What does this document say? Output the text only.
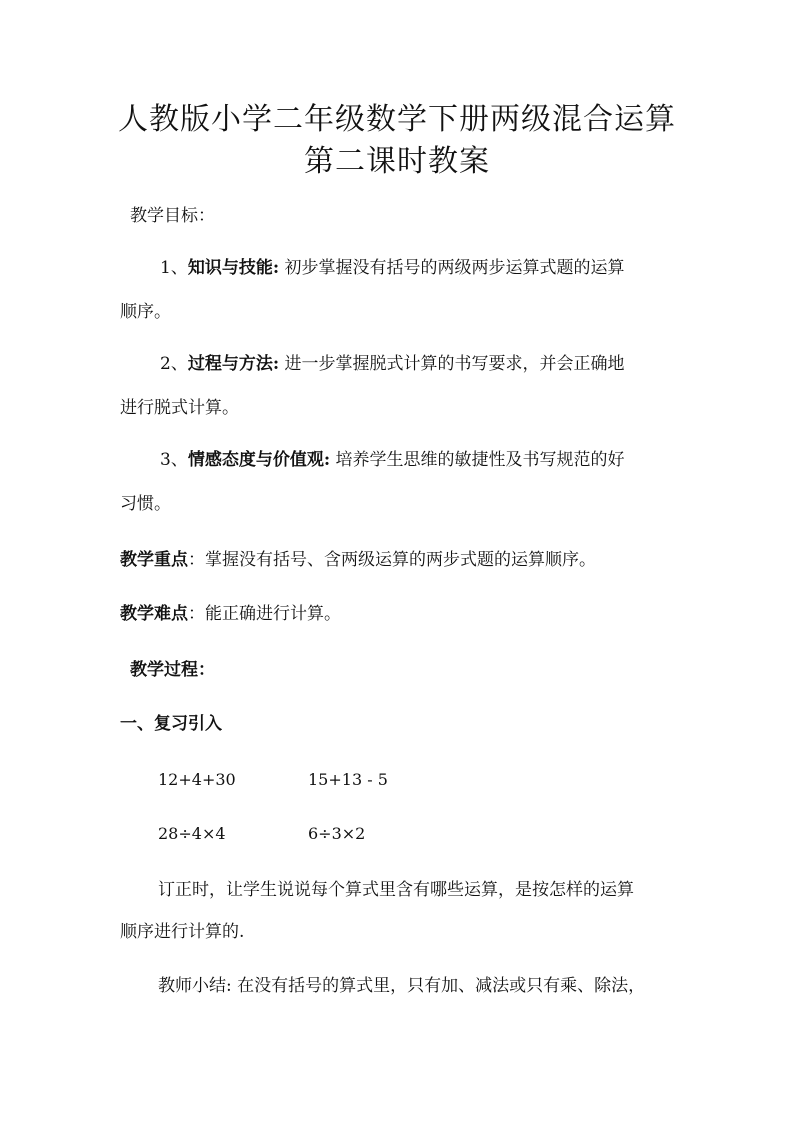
人教版小学二年级数学下册两级混合运算
第二课时教案
教学目标：
1、知识与技能: 初步掌握没有括号的两级两步运算式题的运算
顺序。
2、过程与方法: 进一步掌握脱式计算的书写要求，并会正确地
进行脱式计算。
3、情感态度与价值观: 培养学生思维的敏捷性及书写规范的好
习惯。
教学重点：掌握没有括号、含两级运算的两步式题的运算顺序。
教学难点：能正确进行计算。
教学过程：
一、复习引入
12+4+30	15+13 - 5
28÷4×4	6÷3×2
订正时，让学生说说每个算式里含有哪些运算，是按怎样的运算
顺序进行计算的.
教师小结: 在没有括号的算式里，只有加、减法或只有乘、除法，
